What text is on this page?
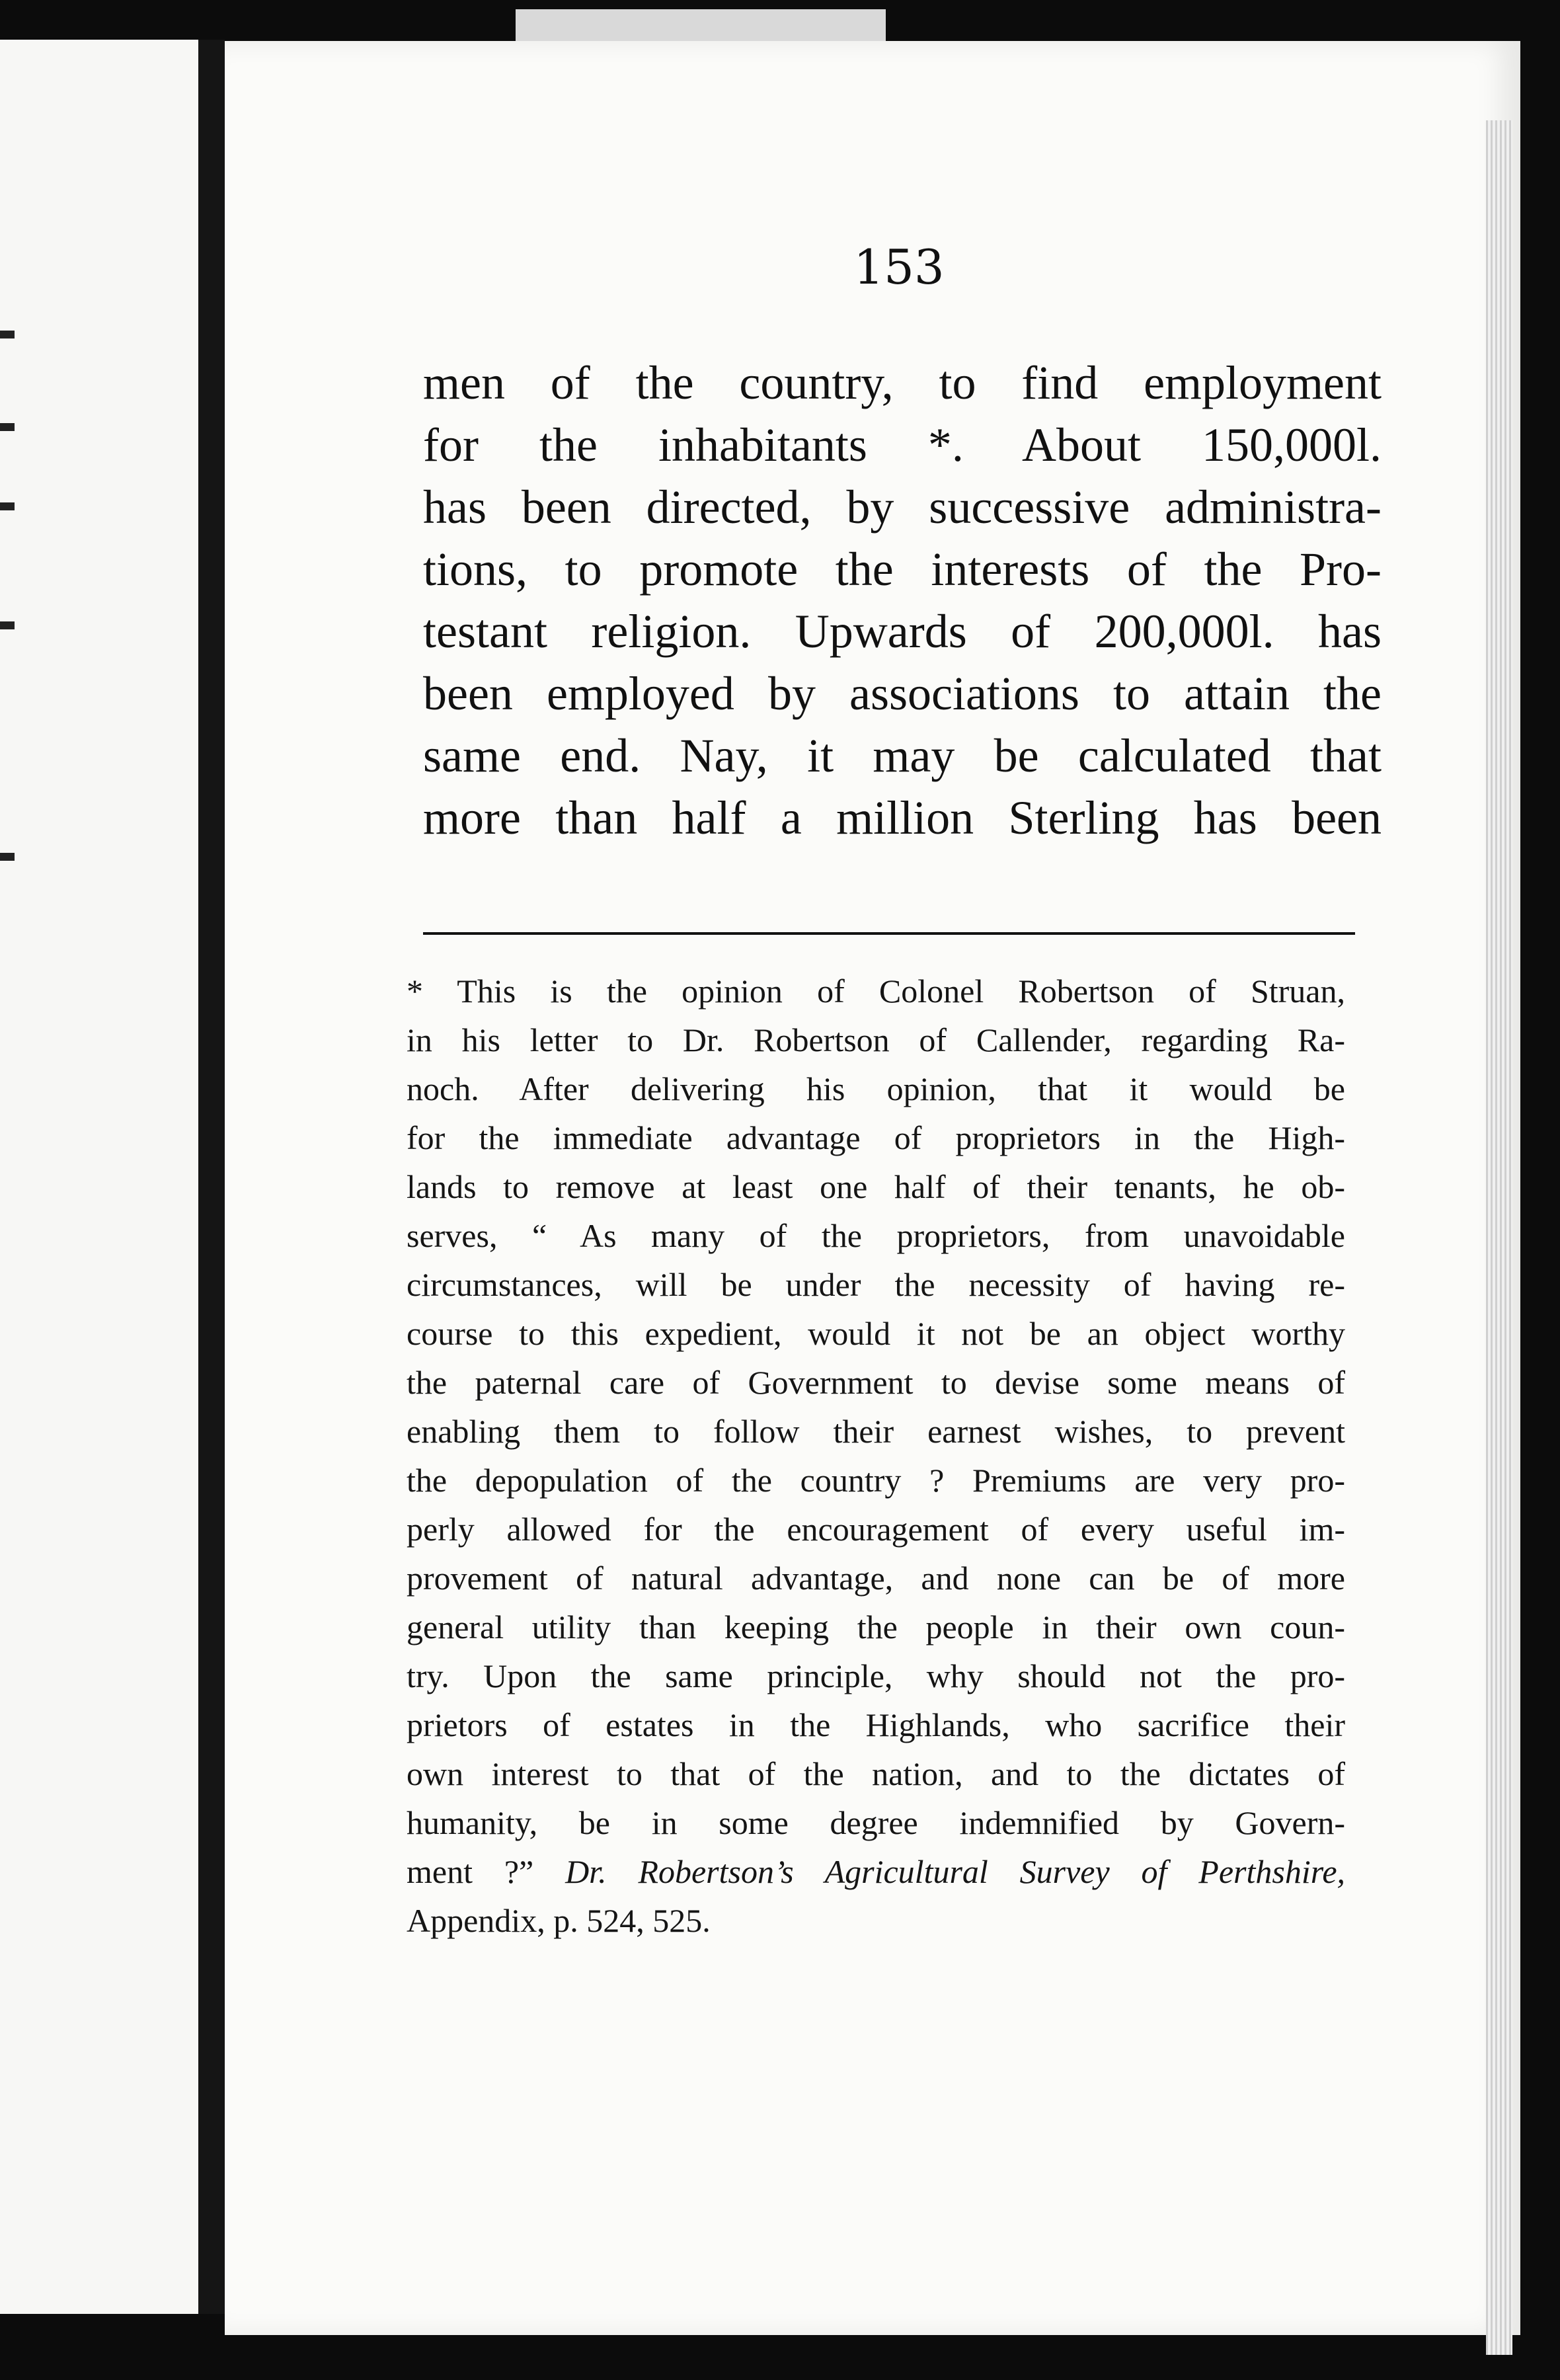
153
men of the country, to find employment
for the inhabitants *. About 150,000l.
has been directed, by successive administra-
tions, to promote the interests of the Pro-
testant religion. Upwards of 200,000l. has
been employed by associations to attain the
same end. Nay, it may be calculated that
more than half a million Sterling has been
* This is the opinion of Colonel Robertson of Struan,
in his letter to Dr. Robertson of Callender, regarding Ra-
noch. After delivering his opinion, that it would be
for the immediate advantage of proprietors in the High-
lands to remove at least one half of their tenants, he ob-
serves, “ As many of the proprietors, from unavoidable
circumstances, will be under the necessity of having re-
course to this expedient, would it not be an object worthy
the paternal care of Government to devise some means of
enabling them to follow their earnest wishes, to prevent
the depopulation of the country ? Premiums are very pro-
perly allowed for the encouragement of every useful im-
provement of natural advantage, and none can be of more
general utility than keeping the people in their own coun-
try. Upon the same principle, why should not the pro-
prietors of estates in the Highlands, who sacrifice their
own interest to that of the nation, and to the dictates of
humanity, be in some degree indemnified by Govern-
ment ?” Dr. Robertson’s Agricultural Survey of Perthshire,
Appendix, p. 524, 525.
